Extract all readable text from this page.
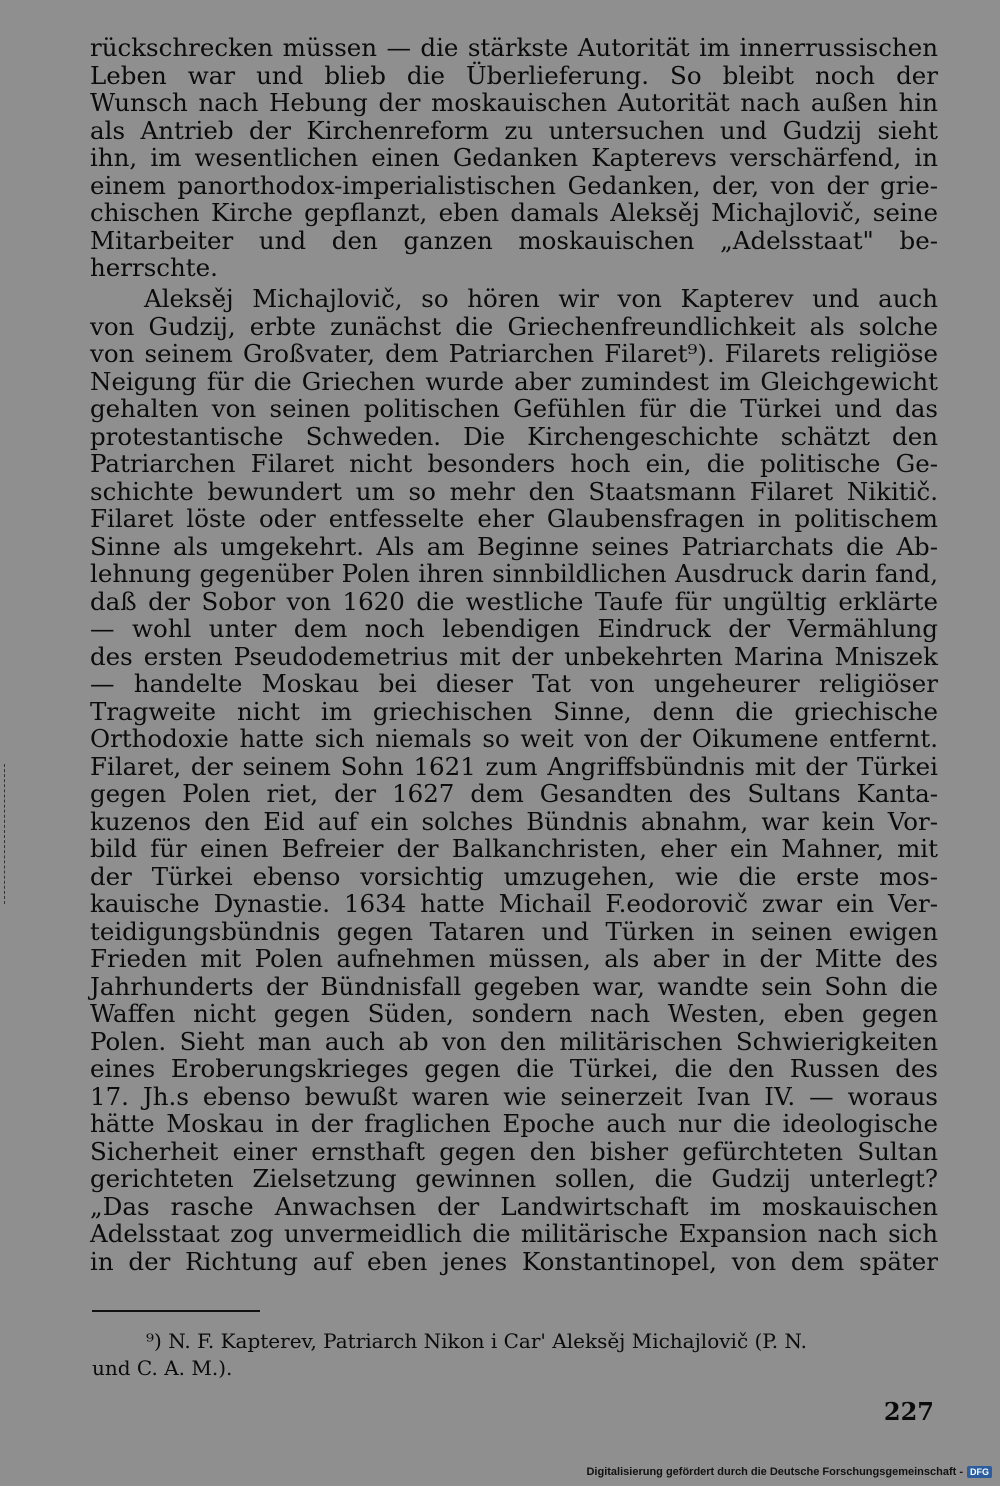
rückschrecken müssen — die stärkste Autorität im innerrussischen
Leben war und blieb die Überlieferung. So bleibt noch der
Wunsch nach Hebung der moskauischen Autorität nach außen hin
als Antrieb der Kirchenreform zu untersuchen und Gudzij sieht
ihn, im wesentlichen einen Gedanken Kapterevs verschärfend, in
einem panorthodox-imperialistischen Gedanken, der, von der grie-
chischen Kirche gepflanzt, eben damals Aleksěj Michajlovič, seine
Mitarbeiter und den ganzen moskauischen „Adelsstaat" be-
herrschte.
Aleksěj Michajlovič, so hören wir von Kapterev und auch
von Gudzij, erbte zunächst die Griechenfreundlichkeit als solche
von seinem Großvater, dem Patriarchen Filaret⁹). Filarets religiöse
Neigung für die Griechen wurde aber zumindest im Gleichgewicht
gehalten von seinen politischen Gefühlen für die Türkei und das
protestantische Schweden. Die Kirchengeschichte schätzt den
Patriarchen Filaret nicht besonders hoch ein, die politische Ge-
schichte bewundert um so mehr den Staatsmann Filaret Nikitič.
Filaret löste oder entfesselte eher Glaubensfragen in politischem
Sinne als umgekehrt. Als am Beginne seines Patriarchats die Ab-
lehnung gegenüber Polen ihren sinnbildlichen Ausdruck darin fand,
daß der Sobor von 1620 die westliche Taufe für ungültig erklärte
— wohl unter dem noch lebendigen Eindruck der Vermählung
des ersten Pseudodemetrius mit der unbekehrten Marina Mniszek
— handelte Moskau bei dieser Tat von ungeheurer religiöser
Tragweite nicht im griechischen Sinne, denn die griechische
Orthodoxie hatte sich niemals so weit von der Oikumene entfernt.
Filaret, der seinem Sohn 1621 zum Angriffsbündnis mit der Türkei
gegen Polen riet, der 1627 dem Gesandten des Sultans Kanta-
kuzenos den Eid auf ein solches Bündnis abnahm, war kein Vor-
bild für einen Befreier der Balkanchristen, eher ein Mahner, mit
der Türkei ebenso vorsichtig umzugehen, wie die erste mos-
kauische Dynastie. 1634 hatte Michail F.eodorovič zwar ein Ver-
teidigungsbündnis gegen Tataren und Türken in seinen ewigen
Frieden mit Polen aufnehmen müssen, als aber in der Mitte des
Jahrhunderts der Bündnisfall gegeben war, wandte sein Sohn die
Waffen nicht gegen Süden, sondern nach Westen, eben gegen
Polen. Sieht man auch ab von den militärischen Schwierigkeiten
eines Eroberungskrieges gegen die Türkei, die den Russen des
17. Jh.s ebenso bewußt waren wie seinerzeit Ivan IV. — woraus
hätte Moskau in der fraglichen Epoche auch nur die ideologische
Sicherheit einer ernsthaft gegen den bisher gefürchteten Sultan
gerichteten Zielsetzung gewinnen sollen, die Gudzij unterlegt?
„Das rasche Anwachsen der Landwirtschaft im moskauischen
Adelsstaat zog unvermeidlich die militärische Expansion nach sich
in der Richtung auf eben jenes Konstantinopel, von dem später
⁹) N. F. Kapterev, Patriarch Nikon i Car' Aleksěj Michajlovič (P. N.
und C. A. M.).
227
Digitalisierung gefördert durch die Deutsche Forschungsgemeinschaft - DFG
